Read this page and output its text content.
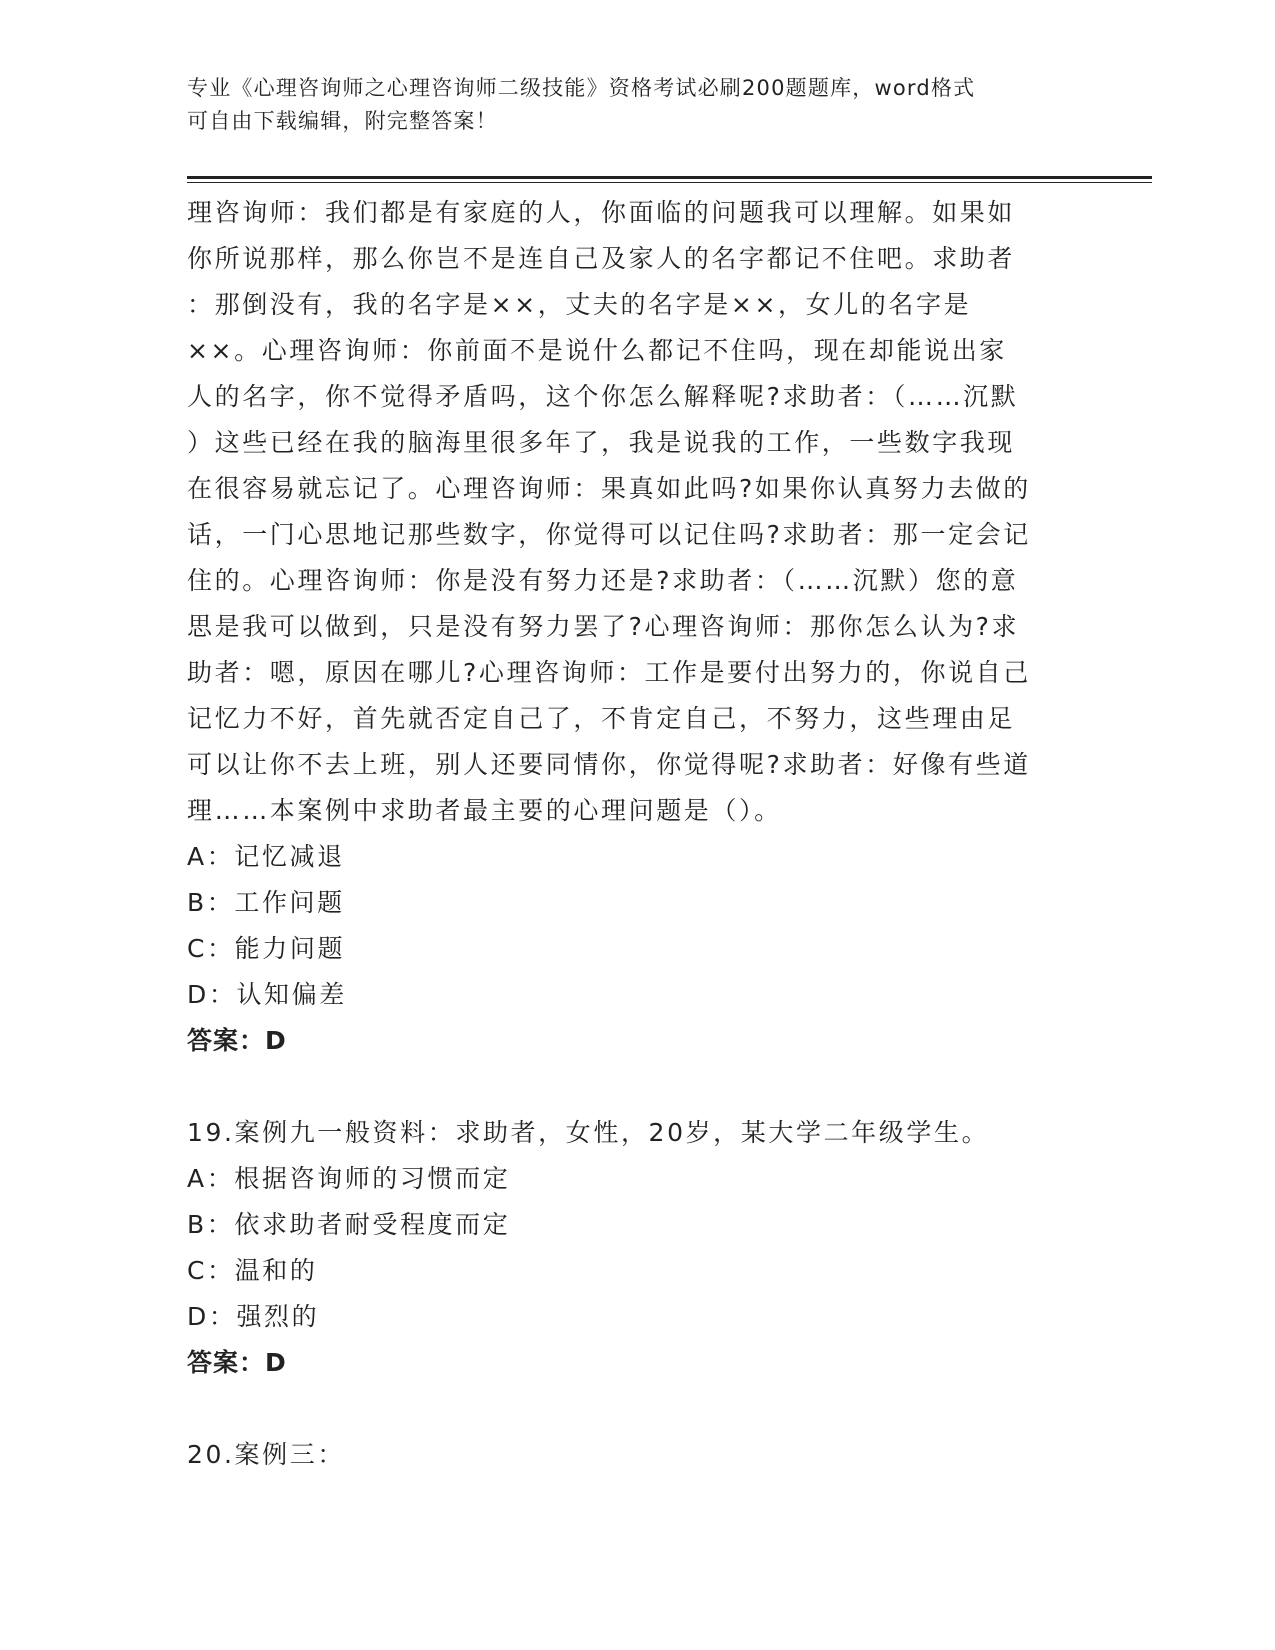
专业《心理咨询师之心理咨询师二级技能》资格考试必刷200题题库，word格式
可自由下载编辑，附完整答案！
理咨询师：我们都是有家庭的人，你面临的问题我可以理解。如果如
你所说那样，那么你岂不是连自己及家人的名字都记不住吧。求助者
：那倒没有，我的名字是××，丈夫的名字是××，女儿的名字是
××。心理咨询师：你前面不是说什么都记不住吗，现在却能说出家
人的名字，你不觉得矛盾吗，这个你怎么解释呢?求助者：（……沉默
）这些已经在我的脑海里很多年了，我是说我的工作，一些数字我现
在很容易就忘记了。心理咨询师：果真如此吗?如果你认真努力去做的
话，一门心思地记那些数字，你觉得可以记住吗?求助者：那一定会记
住的。心理咨询师：你是没有努力还是?求助者：（……沉默）您的意
思是我可以做到，只是没有努力罢了?心理咨询师：那你怎么认为?求
助者：嗯，原因在哪儿?心理咨询师：工作是要付出努力的，你说自己
记忆力不好，首先就否定自己了，不肯定自己，不努力，这些理由足
可以让你不去上班，别人还要同情你，你觉得呢?求助者：好像有些道
理……本案例中求助者最主要的心理问题是（）。
A：记忆减退
B：工作问题
C：能力问题
D：认知偏差
答案：D
19.案例九一般资料：求助者，女性，20岁，某大学二年级学生。
A：根据咨询师的习惯而定
B：依求助者耐受程度而定
C：温和的
D：强烈的
答案：D
20.案例三：
